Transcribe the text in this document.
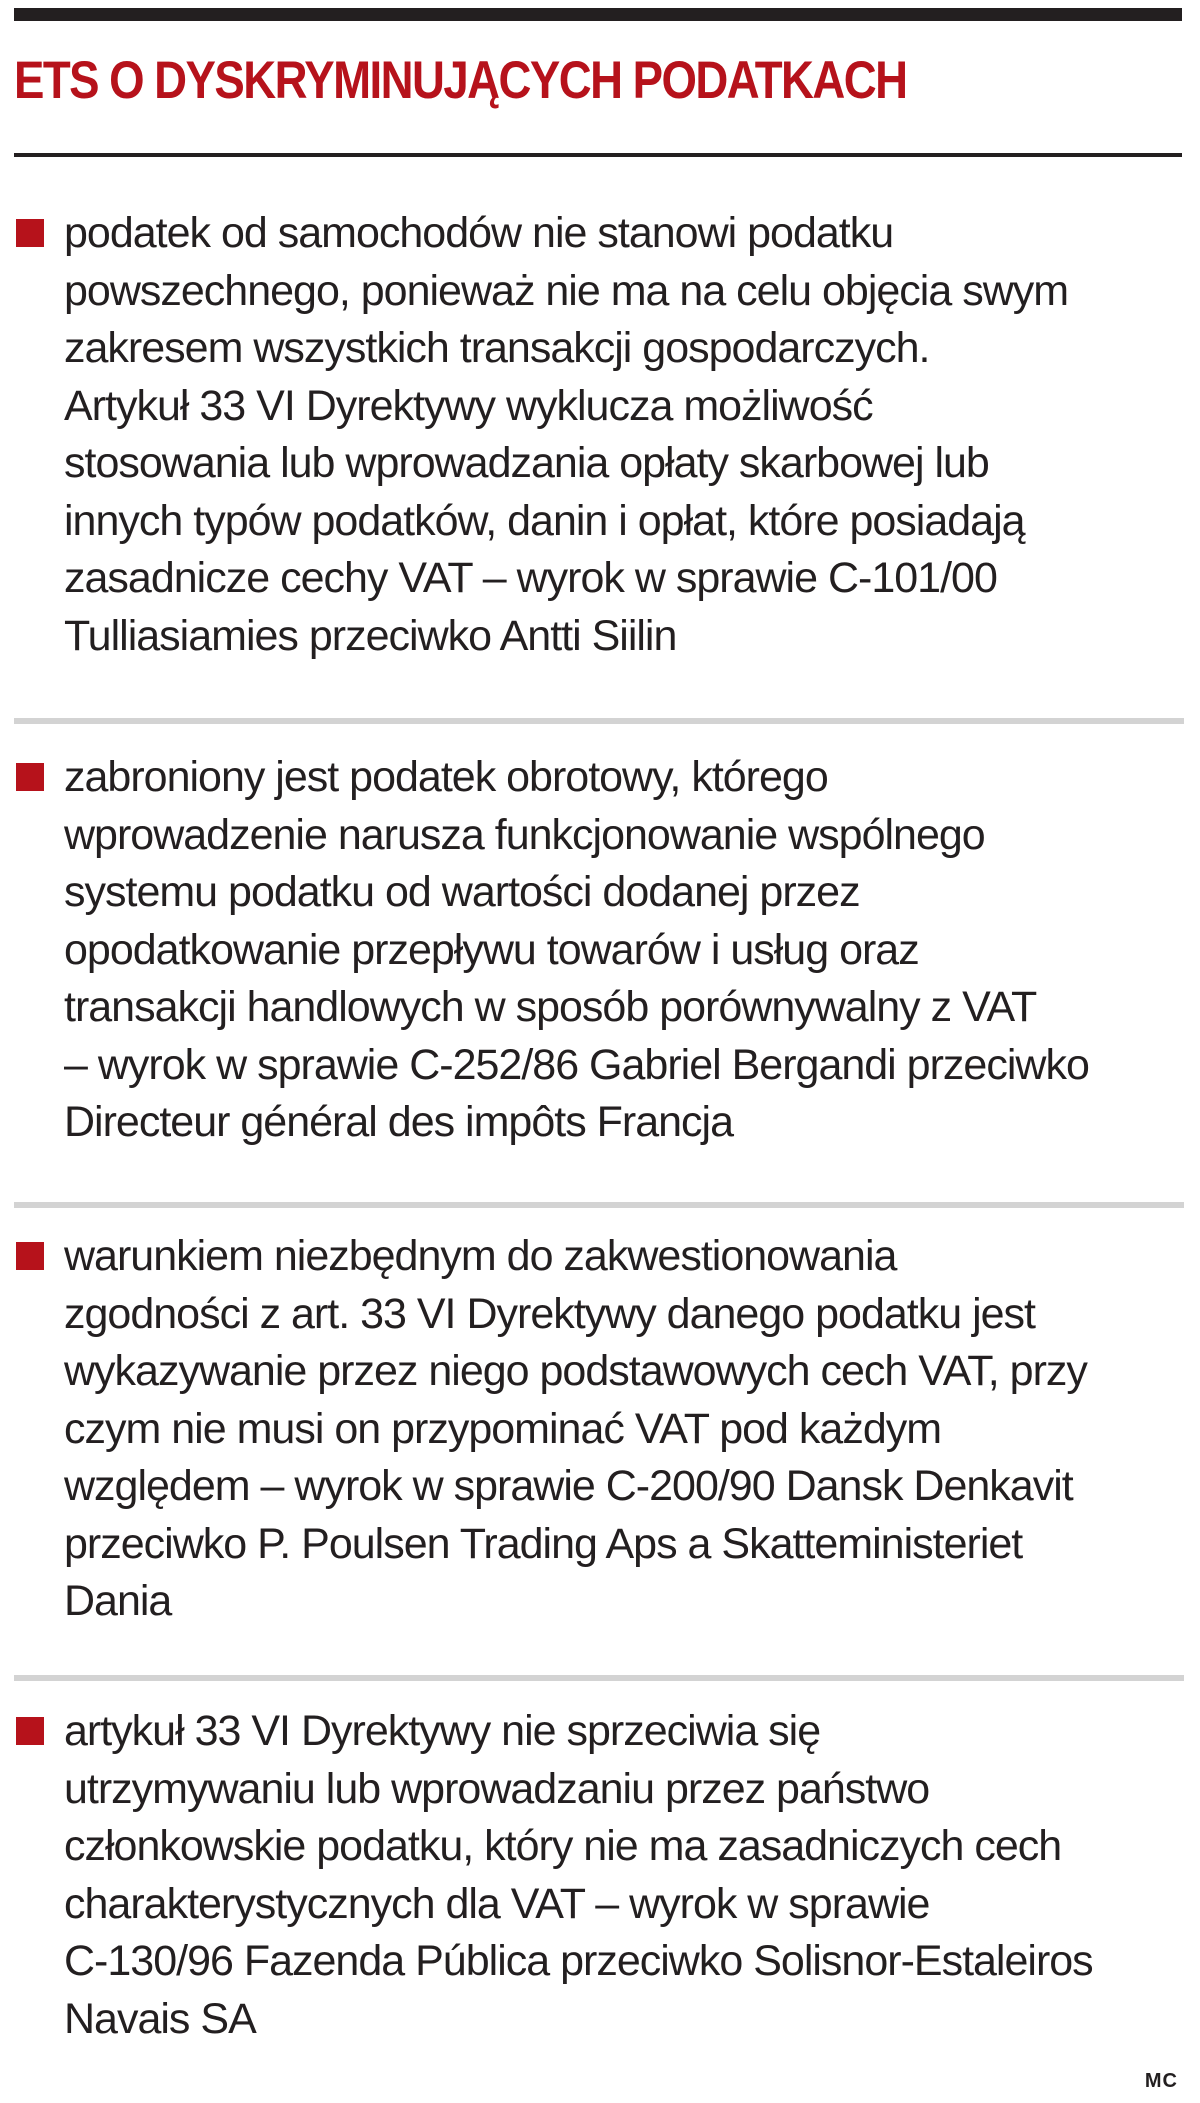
ETS O DYSKRYMINUJĄCYCH PODATKACH

podatek od samochodów nie stanowi podatku
powszechnego, ponieważ nie ma na celu objęcia swym
zakresem wszystkich transakcji gospodarczych.
Artykuł 33 VI Dyrektywy wyklucza możliwość
stosowania lub wprowadzania opłaty skarbowej lub
innych typów podatków, danin i opłat, które posiadają
zasadnicze cechy VAT – wyrok w sprawie C-101/00
Tulliasiamies przeciwko Antti Siilin

zabroniony jest podatek obrotowy, którego
wprowadzenie narusza funkcjonowanie wspólnego
systemu podatku od wartości dodanej przez
opodatkowanie przepływu towarów i usług oraz
transakcji handlowych w sposób porównywalny z VAT
– wyrok w sprawie C-252/86 Gabriel Bergandi przeciwko
Directeur général des impôts Francja

warunkiem niezbędnym do zakwestionowania
zgodności z art. 33 VI Dyrektywy danego podatku jest
wykazywanie przez niego podstawowych cech VAT, przy
czym nie musi on przypominać VAT pod każdym
względem – wyrok w sprawie C-200/90 Dansk Denkavit
przeciwko P. Poulsen Trading Aps a Skatteministeriet
Dania

artykuł 33 VI Dyrektywy nie sprzeciwia się
utrzymywaniu lub wprowadzaniu przez państwo
członkowskie podatku, który nie ma zasadniczych cech
charakterystycznych dla VAT – wyrok w sprawie
C-130/96 Fazenda Pública przeciwko Solisnor-Estaleiros
Navais SA

MC
